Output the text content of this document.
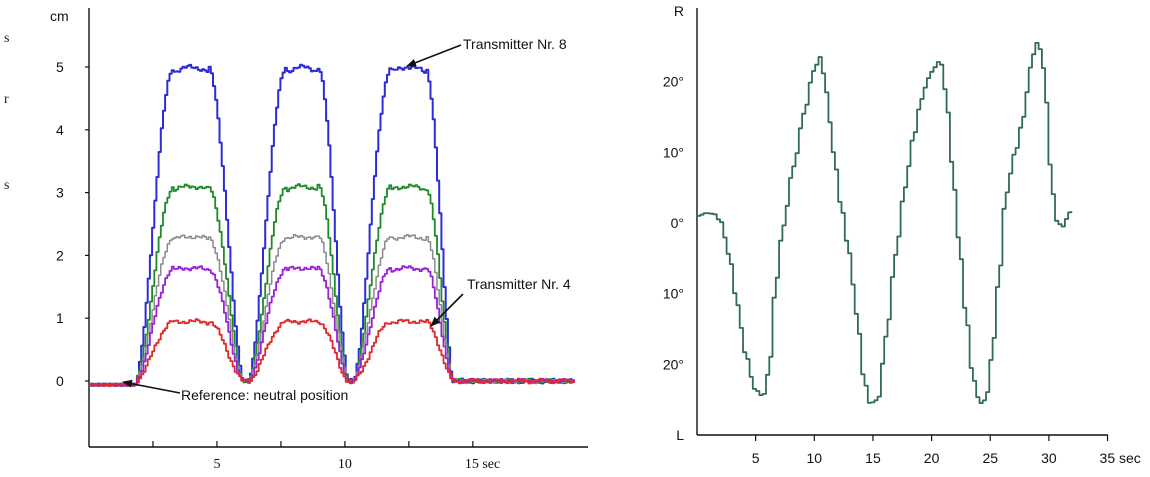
s
r
s
cm
0
1
2
3
4
5
5	10	15 sec
Transmitter Nr. 8
Transmitter Nr. 4
Reference: neutral position
R
20°
10°
0°
10°
20°
L
5	10	15	20	25	30	35 sec
